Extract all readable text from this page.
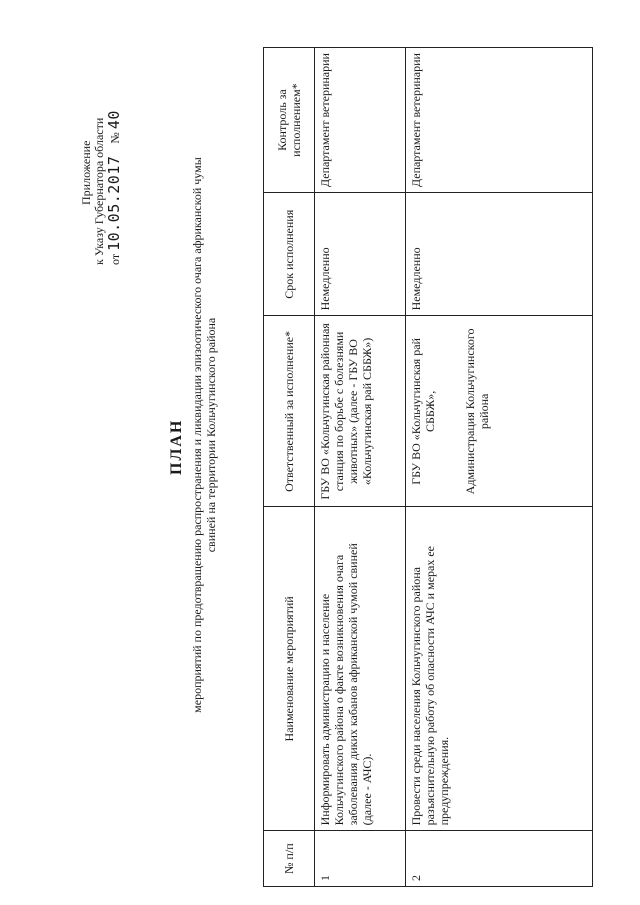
Приложение к Указу Губернатора области от 10.05.2017    № 40
ПЛАН мероприятий по предотвращению распространения и ликвидации эпизоотического очага африканской чумы свиней на территории Кольчугинского района
№ п/п	Наименование мероприятий	Ответственный за исполнение*	Срок исполнения	Контроль за исполнением*
1	Информировать администрацию и население Кольчугинского района о факте возникновения очага заболевания диких кабанов африканской чумой свиней (далее - АЧС).	ГБУ ВО «Кольчугинская районная станция по борьбе с болезнями животных» (далее - ГБУ ВО «Кольчугинская рай СББЖ»)	Немедленно	Департамент ветеринарии
2	Провести среди населения Кольчугинского района разъяснительную работу об опасности АЧС и мерах ее предупреждения.	ГБУ ВО «Кольчугинская рай СББЖ», Администрация Кольчугинского района	Немедленно	Департамент ветеринарии
